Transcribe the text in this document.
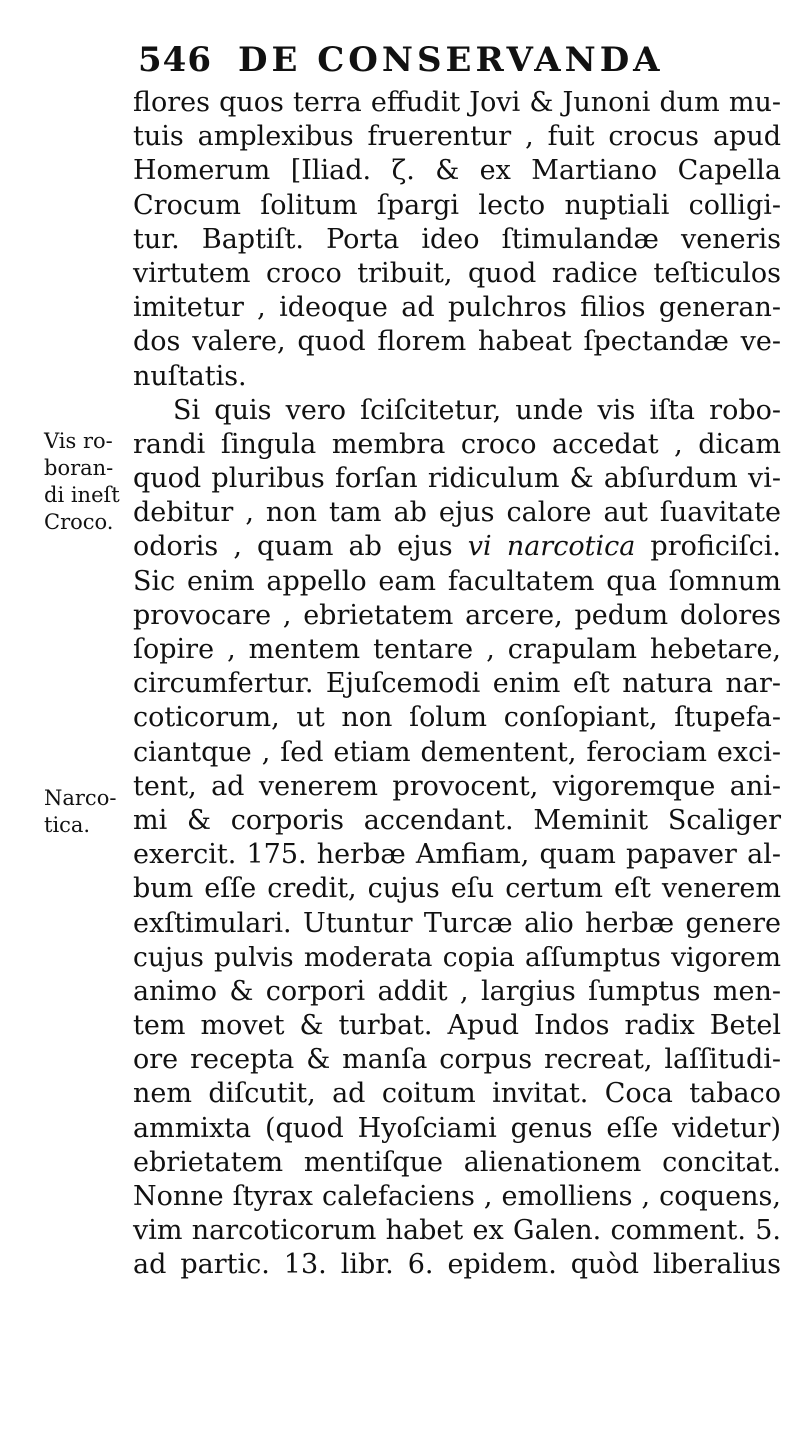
546 DE CONSERVANDA
Vis ro-
boran-
di ineſt
Croco.
Narco-
tica.
flores quos terra effudit Jovi & Junoni dum mu-
tuis amplexibus fruerentur , fuit crocus apud
Homerum [Iliad. ζ. & ex Martiano Capella
Crocum ſolitum ſpargi lecto nuptiali colligi-
tur. Baptiſt. Porta ideo ſtimulandæ veneris
virtutem croco tribuit, quod radice teſticulos
imitetur , ideoque ad pulchros filios generan-
dos valere, quod florem habeat ſpectandæ ve-
nuſtatis.
Si quis vero ſciſcitetur, unde vis iſta robo-
randi ſingula membra croco accedat , dicam
quod pluribus forſan ridiculum & abſurdum vi-
debitur , non tam ab ejus calore aut ſuavitate
odoris , quam ab ejus vi narcotica proficiſci.
Sic enim appello eam facultatem qua ſomnum
provocare , ebrietatem arcere, pedum dolores
ſopire , mentem tentare , crapulam hebetare,
circumfertur. Ejuſcemodi enim eſt natura nar-
coticorum, ut non ſolum conſopiant, ſtupefa-
ciantque , ſed etiam dementent, ferociam exci-
tent, ad venerem provocent, vigoremque ani-
mi & corporis accendant. Meminit Scaliger
exercit. 175. herbæ Amfiam, quam papaver al-
bum eſſe credit, cujus eſu certum eſt venerem
exſtimulari. Utuntur Turcæ alio herbæ genere
cujus pulvis moderata copia aſſumptus vigorem
animo & corpori addit , largius ſumptus men-
tem movet & turbat. Apud Indos radix Betel
ore recepta & manſa corpus recreat, laſſitudi-
nem diſcutit, ad coitum invitat. Coca tabaco
ammixta (quod Hyoſciami genus eſſe videtur)
ebrietatem mentiſque alienationem concitat.
Nonne ſtyrax calefaciens , emolliens , coquens,
vim narcoticorum habet ex Galen. comment. 5.
ad partic. 13. libr. 6. epidem. quòd liberalius
